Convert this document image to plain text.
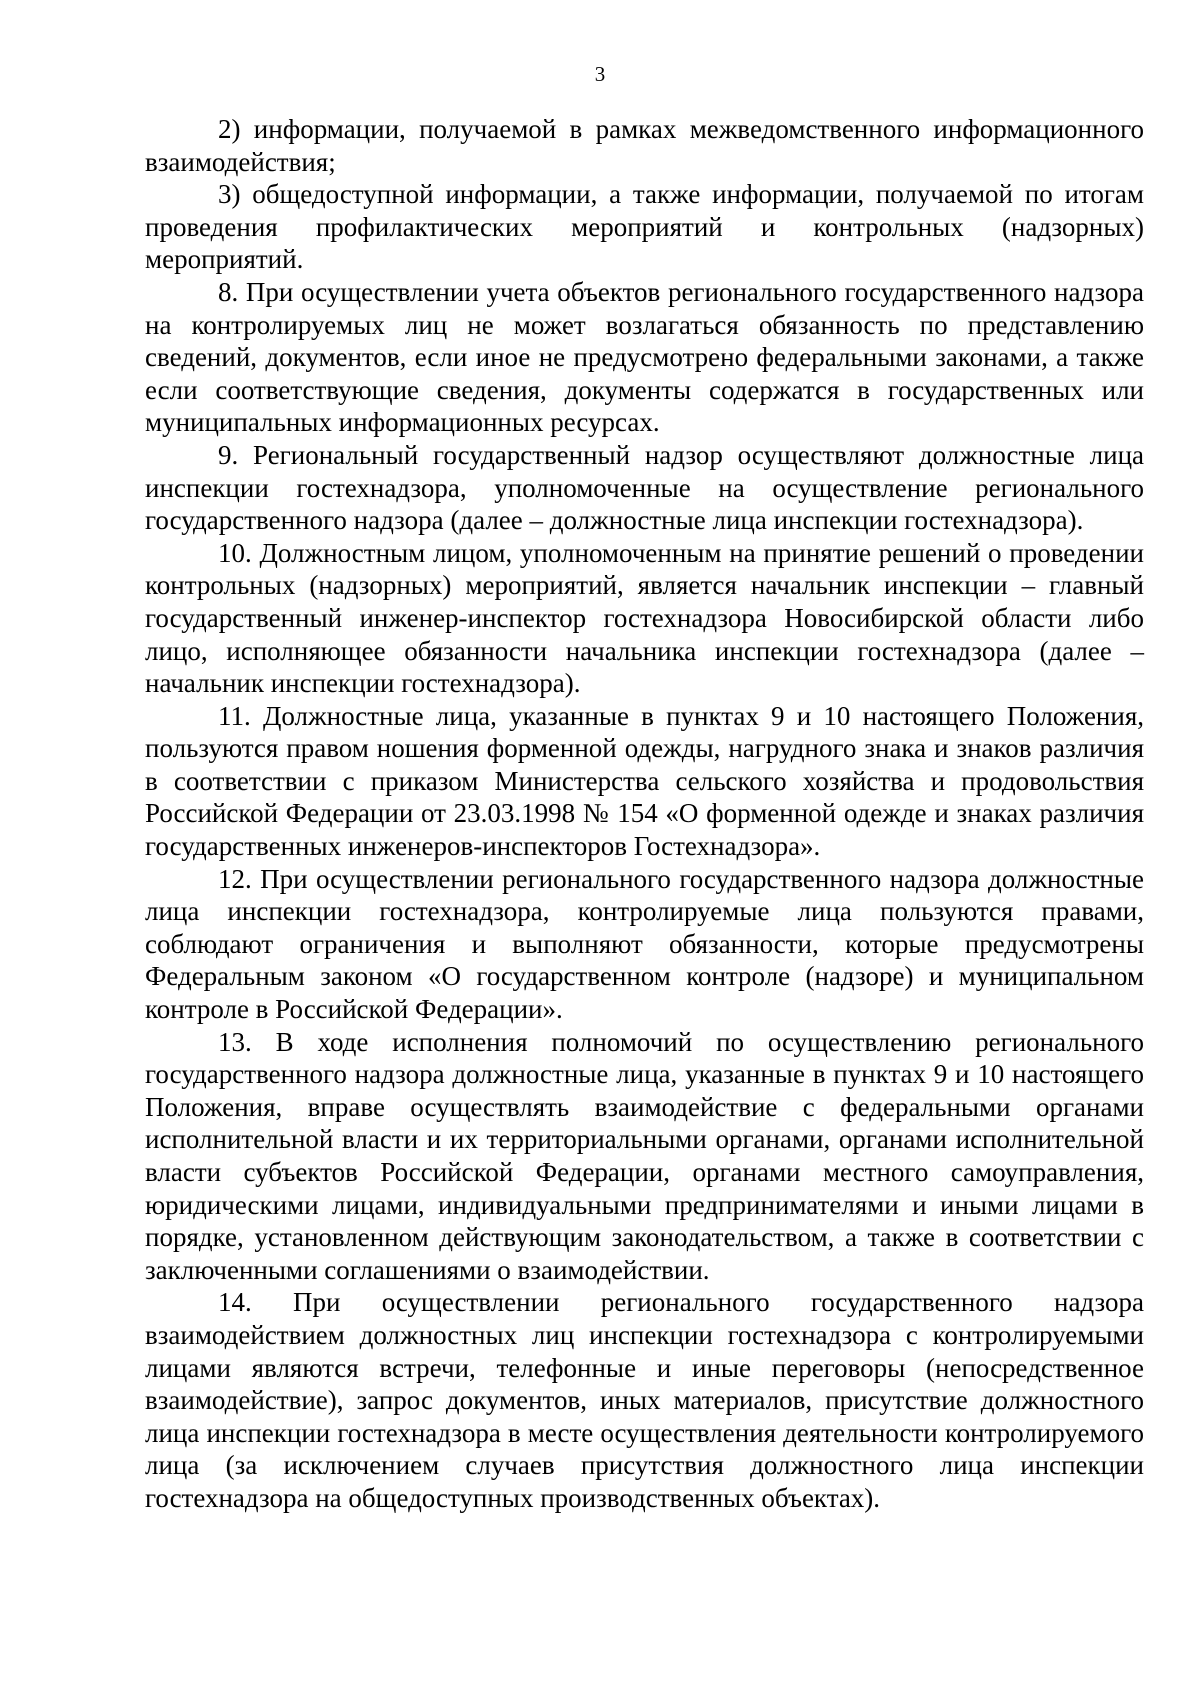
3

2) информации, получаемой в рамках межведомственного информационного взаимодействия;

3) общедоступной информации, а также информации, получаемой по итогам проведения профилактических мероприятий и контрольных (надзорных) мероприятий.

8. При осуществлении учета объектов регионального государственного надзора на контролируемых лиц не может возлагаться обязанность по представлению сведений, документов, если иное не предусмотрено федеральными законами, а также если соответствующие сведения, документы содержатся в государственных или муниципальных информационных ресурсах.

9. Региональный государственный надзор осуществляют должностные лица инспекции гостехнадзора, уполномоченные на осуществление регионального государственного надзора (далее – должностные лица инспекции гостехнадзора).

10. Должностным лицом, уполномоченным на принятие решений о проведении контрольных (надзорных) мероприятий, является начальник инспекции – главный государственный инженер-инспектор гостехнадзора Новосибирской области либо лицо, исполняющее обязанности начальника инспекции гостехнадзора (далее – начальник инспекции гостехнадзора).

11. Должностные лица, указанные в пунктах 9 и 10 настоящего Положения, пользуются правом ношения форменной одежды, нагрудного знака и знаков различия в соответствии с приказом Министерства сельского хозяйства и продовольствия Российской Федерации от 23.03.1998 № 154 «О форменной одежде и знаках различия государственных инженеров-инспекторов Гостехнадзора».

12. При осуществлении регионального государственного надзора должностные лица инспекции гостехнадзора, контролируемые лица пользуются правами, соблюдают ограничения и выполняют обязанности, которые предусмотрены Федеральным законом «О государственном контроле (надзоре) и муниципальном контроле в Российской Федерации».

13. В ходе исполнения полномочий по осуществлению регионального государственного надзора должностные лица, указанные в пунктах 9 и 10 настоящего Положения, вправе осуществлять взаимодействие с федеральными органами исполнительной власти и их территориальными органами, органами исполнительной власти субъектов Российской Федерации, органами местного самоуправления, юридическими лицами, индивидуальными предпринимателями и иными лицами в порядке, установленном действующим законодательством, а также в соответствии с заключенными соглашениями о взаимодействии.

14. При осуществлении регионального государственного надзора взаимодействием должностных лиц инспекции гостехнадзора с контролируемыми лицами являются встречи, телефонные и иные переговоры (непосредственное взаимодействие), запрос документов, иных материалов, присутствие должностного лица инспекции гостехнадзора в месте осуществления деятельности контролируемого лица (за исключением случаев присутствия должностного лица инспекции гостехнадзора на общедоступных производственных объектах).
